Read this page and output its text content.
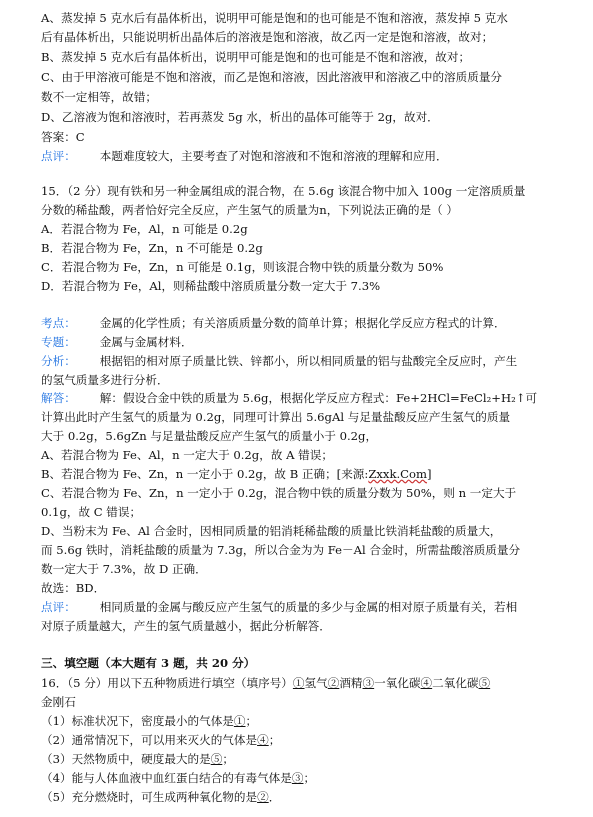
A、蒸发掉 5 克水后有晶体析出，说明甲可能是饱和的也可能是不饱和溶液，蒸发掉 5 克水
后有晶体析出，只能说明析出晶体后的溶液是饱和溶液，故乙丙一定是饱和溶液，故对；
B、蒸发掉 5 克水后有晶体析出，说明甲可能是饱和的也可能是不饱和溶液，故对；
C、由于甲溶液可能是不饱和溶液，而乙是饱和溶液，因此溶液甲和溶液乙中的溶质质量分
数不一定相等，故错；
D、乙溶液为饱和溶液时，若再蒸发 5g 水，析出的晶体可能等于 2g，故对．
答案：C
点评： 本题难度较大，主要考查了对饱和溶液和不饱和溶液的理解和应用．
15．（2 分）现有铁和另一种金属组成的混合物，在 5.6g 该混合物中加入 100g 一定溶质质量
分数的稀盐酸，两者恰好完全反应，产生氢气的质量为n，下列说法正确的是（ ）
A．若混合物为 Fe，Al，n 可能是 0.2g
B．若混合物为 Fe，Zn，n 不可能是 0.2g
C．若混合物为 Fe，Zn，n 可能是 0.1g，则该混合物中铁的质量分数为 50%
D．若混合物为 Fe，Al，则稀盐酸中溶质质量分数一定大于 7.3%
考点： 金属的化学性质；有关溶质质量分数的简单计算；根据化学反应方程式的计算．
专题： 金属与金属材料．
分析： 根据铝的相对原子质量比铁、锌都小，所以相同质量的铝与盐酸完全反应时，产生
的氢气质量多进行分析．
解答： 解：假设合金中铁的质量为 5.6g，根据化学反应方程式：Fe+2HCl=FeCl₂+H₂↑可
计算出此时产生氢气的质量为 0.2g，同理可计算出 5.6gAl 与足量盐酸反应产生氢气的质量
大于 0.2g，5.6gZn 与足量盐酸反应产生氢气的质量小于 0.2g，
A、若混合物为 Fe、Al，n 一定大于 0.2g，故 A 错误；
B、若混合物为 Fe、Zn，n 一定小于 0.2g，故 B 正确；[来源:Zxxk.Com]
C、若混合物为 Fe、Zn，n 一定小于 0.2g，混合物中铁的质量分数为 50%，则 n 一定大于
0.1g，故 C 错误；
D、当粉末为 Fe、Al 合金时，因相同质量的铝消耗稀盐酸的质量比铁消耗盐酸的质量大，
而 5.6g 铁时，消耗盐酸的质量为 7.3g，所以合金为为 Fe－Al 合金时，所需盐酸溶质质量分
数一定大于 7.3%，故 D 正确．
故选：BD．
点评： 相同质量的金属与酸反应产生氢气的质量的多少与金属的相对原子质量有关，若相
对原子质量越大，产生的氢气质量越小，据此分析解答．
三、填空题（本大题有 3 题，共 20 分）
16．（5 分）用以下五种物质进行填空（填序号）①氢气②酒精③一氧化碳④二氧化碳⑤
金刚石
（1）标准状况下，密度最小的气体是①；
（2）通常情况下，可以用来灭火的气体是④；
（3）天然物质中，硬度最大的是⑤；
（4）能与人体血液中血红蛋白结合的有毒气体是③；
（5）充分燃烧时，可生成两种氧化物的是②．
